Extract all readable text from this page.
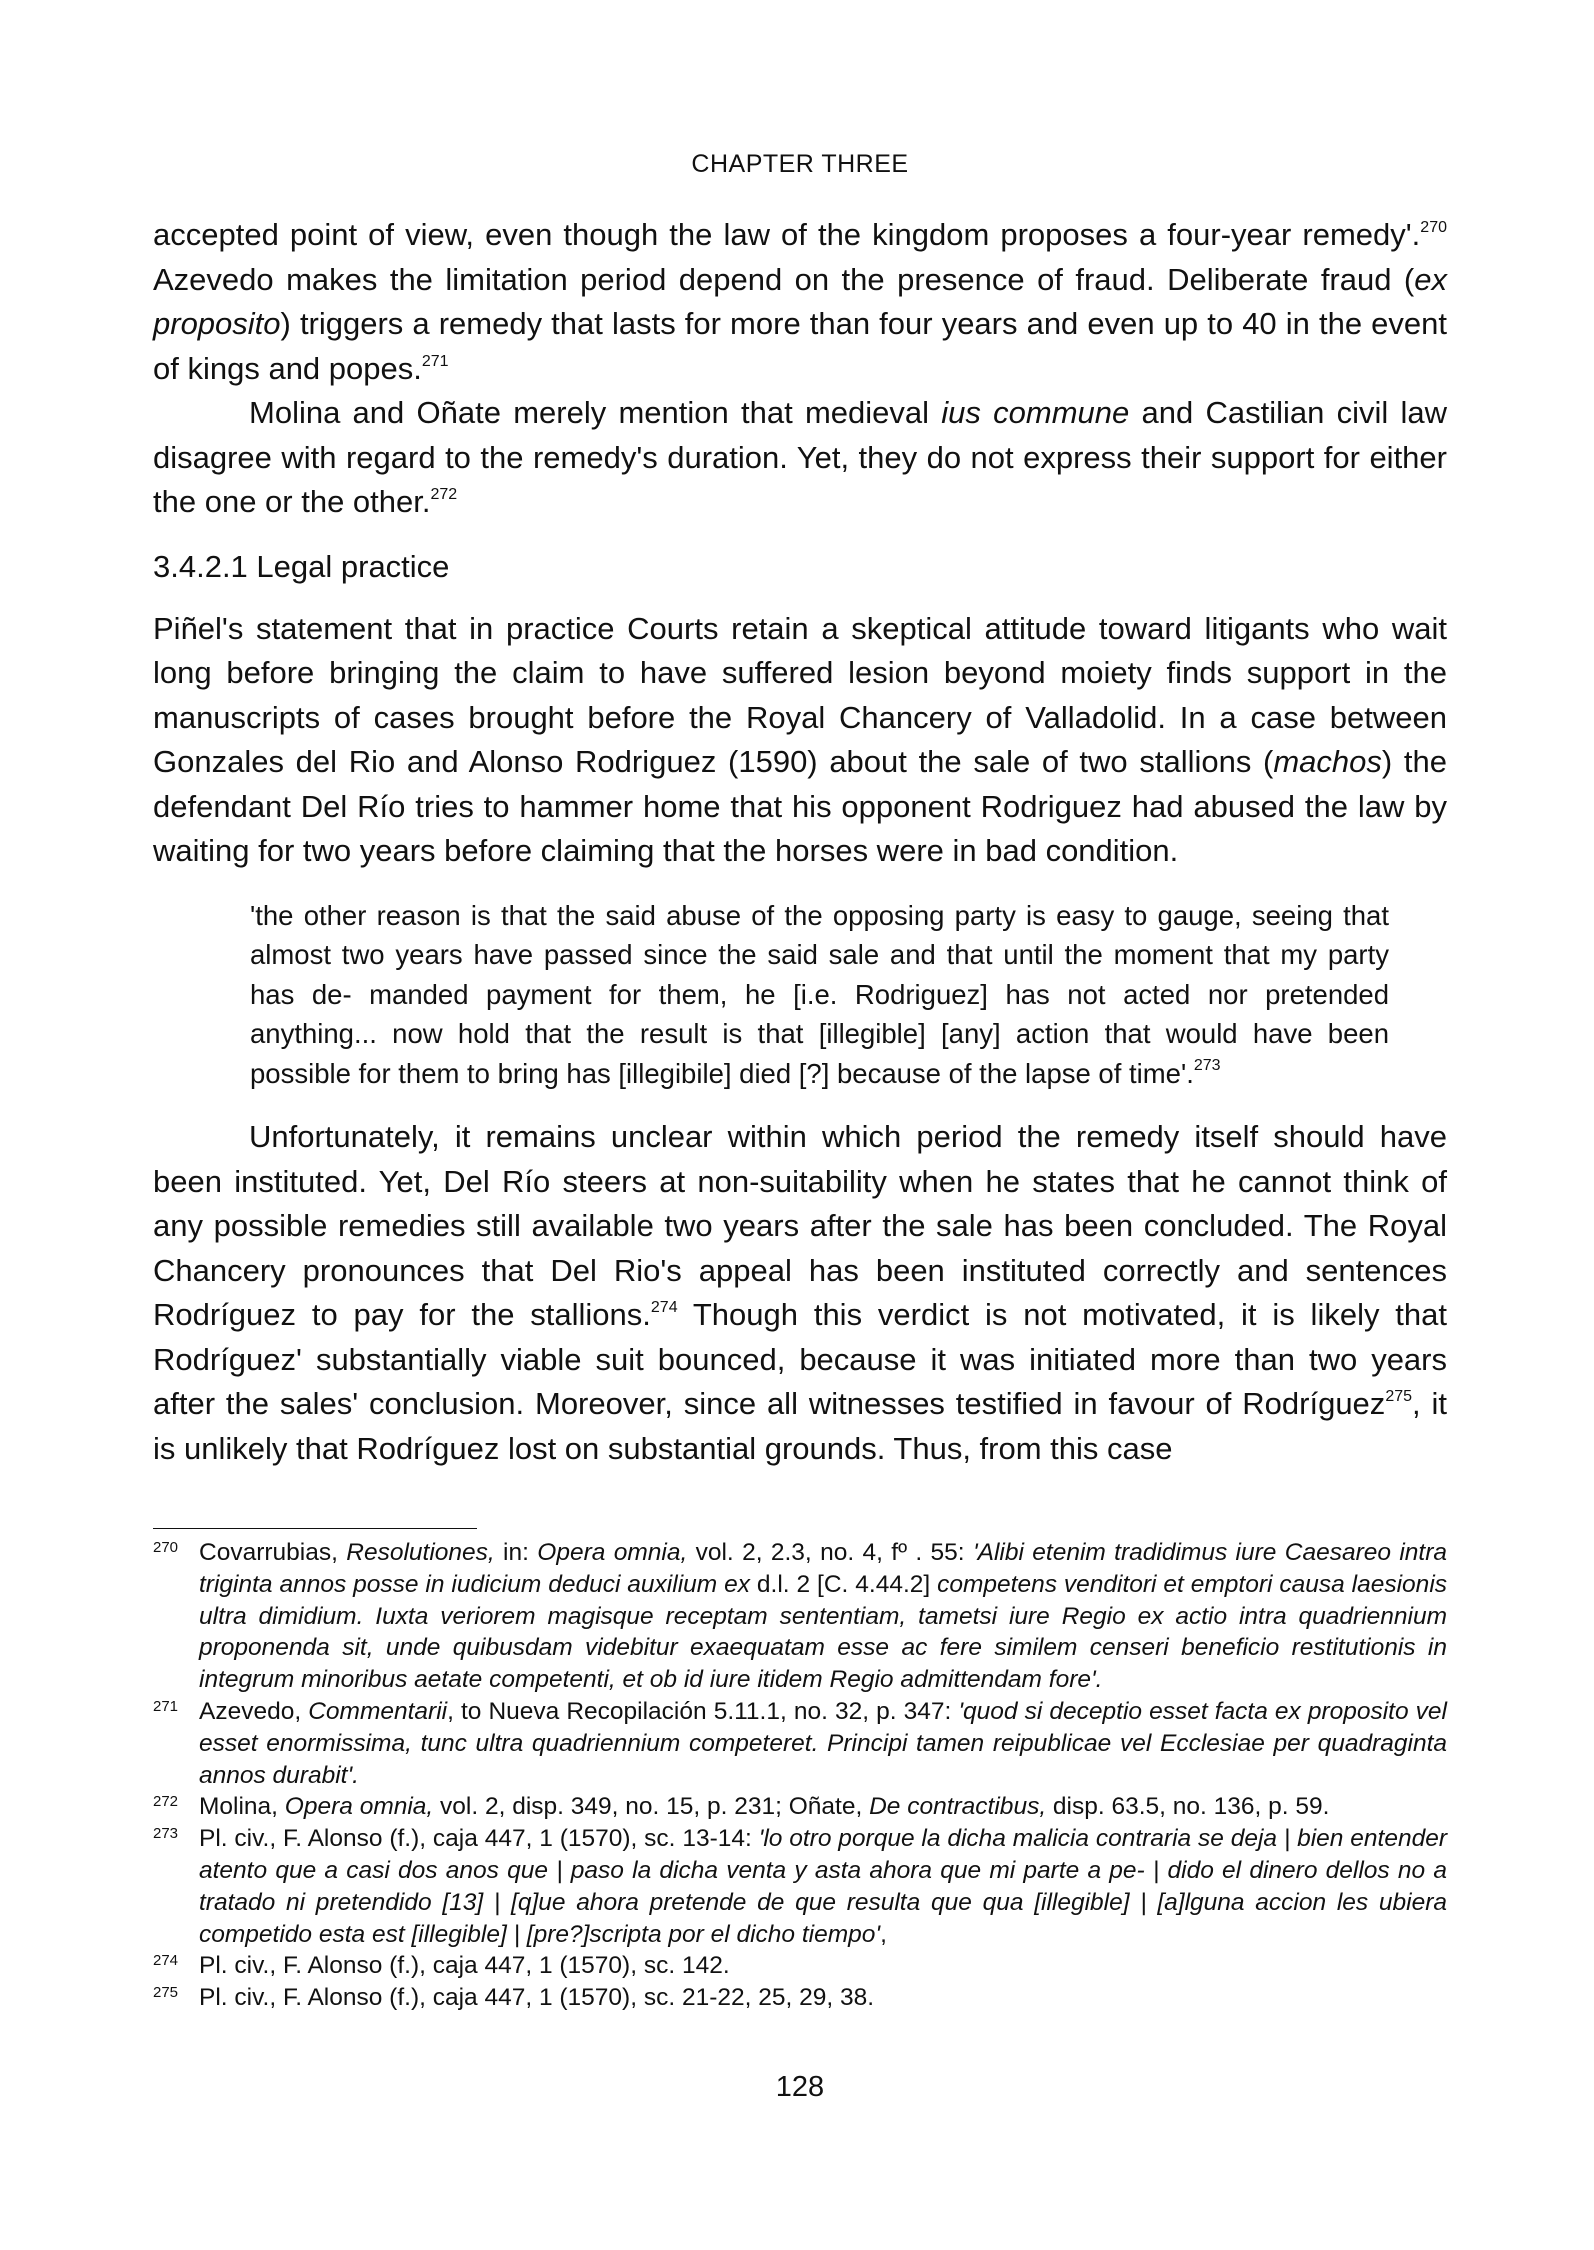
CHAPTER THREE

accepted point of view, even though the law of the kingdom proposes a four-year remedy'.$^{270}$ Azevedo makes the limitation period depend on the presence of fraud. Deliberate fraud (ex proposito) triggers a remedy that lasts for more than four years and even up to 40 in the event of kings and popes.$^{271}$

Molina and Oñate merely mention that medieval ius commune and Castilian civil law disagree with regard to the remedy's duration. Yet, they do not express their support for either the one or the other.$^{272}$

3.4.2.1 Legal practice

Piñel's statement that in practice Courts retain a skeptical attitude toward litigants who wait long before bringing the claim to have suffered lesion beyond moiety finds support in the manuscripts of cases brought before the Royal Chancery of Valladolid. In a case between Gonzales del Rio and Alonso Rodriguez (1590) about the sale of two stallions (machos) the defendant Del Río tries to hammer home that his opponent Rodriguez had abused the law by waiting for two years before claiming that the horses were in bad condition.

'the other reason is that the said abuse of the opposing party is easy to gauge, seeing that almost two years have passed since the said sale and that until the moment that my party has de- manded payment for them, he [i.e. Rodriguez] has not acted nor pretended anything... now hold that the result is that [illegible] [any] action that would have been possible for them to bring has [illegibile] died [?] because of the lapse of time'.$^{273}$

Unfortunately, it remains unclear within which period the remedy itself should have been instituted. Yet, Del Río steers at non-suitability when he states that he cannot think of any possible remedies still available two years after the sale has been concluded. The Royal Chancery pronounces that Del Rio's appeal has been instituted correctly and sentences Rodríguez to pay for the stallions.$^{274}$ Though this verdict is not motivated, it is likely that Rodríguez' substantially viable suit bounced, because it was initiated more than two years after the sales' conclusion. Moreover, since all witnesses testified in favour of Rodríguez$^{275}$, it is unlikely that Rodríguez lost on substantial grounds. Thus, from this case

270 Covarrubias, Resolutiones, in: Opera omnia, vol. 2, 2.3, no. 4, fº . 55: 'Alibi etenim tradidimus iure Caesareo intra triginta annos posse in iudicium deduci auxilium ex d.l. 2 [C. 4.44.2] competens venditori et emptori causa laesionis ultra dimidium. Iuxta veriorem magisque receptam sententiam, tametsi iure Regio ex actio intra quadriennium proponenda sit, unde quibusdam videbitur exaequatam esse ac fere similem censeri beneficio restitutionis in integrum minoribus aetate competenti, et ob id iure itidem Regio admittendam fore'.
271 Azevedo, Commentarii, to Nueva Recopilación 5.11.1, no. 32, p. 347: 'quod si deceptio esset facta ex proposito vel esset enormissima, tunc ultra quadriennium competeret. Principi tamen reipublicae vel Ecclesiae per quadraginta annos durabit'.
272 Molina, Opera omnia, vol. 2, disp. 349, no. 15, p. 231; Oñate, De contractibus, disp. 63.5, no. 136, p. 59.
273 Pl. civ., F. Alonso (f.), caja 447, 1 (1570), sc. 13-14: 'lo otro porque la dicha malicia contraria se deja | bien entender atento que a casi dos anos que | paso la dicha venta y asta ahora que mi parte a pe- | dido el dinero dellos no a tratado ni pretendido [13] | [q]ue ahora pretende de que resulta que qua [illegible] | [a]lguna accion les ubiera competido esta est [illegible] | [pre?]scripta por el dicho tiempo',
274 Pl. civ., F. Alonso (f.), caja 447, 1 (1570), sc. 142.
275 Pl. civ., F. Alonso (f.), caja 447, 1 (1570), sc. 21-22, 25, 29, 38.
128
